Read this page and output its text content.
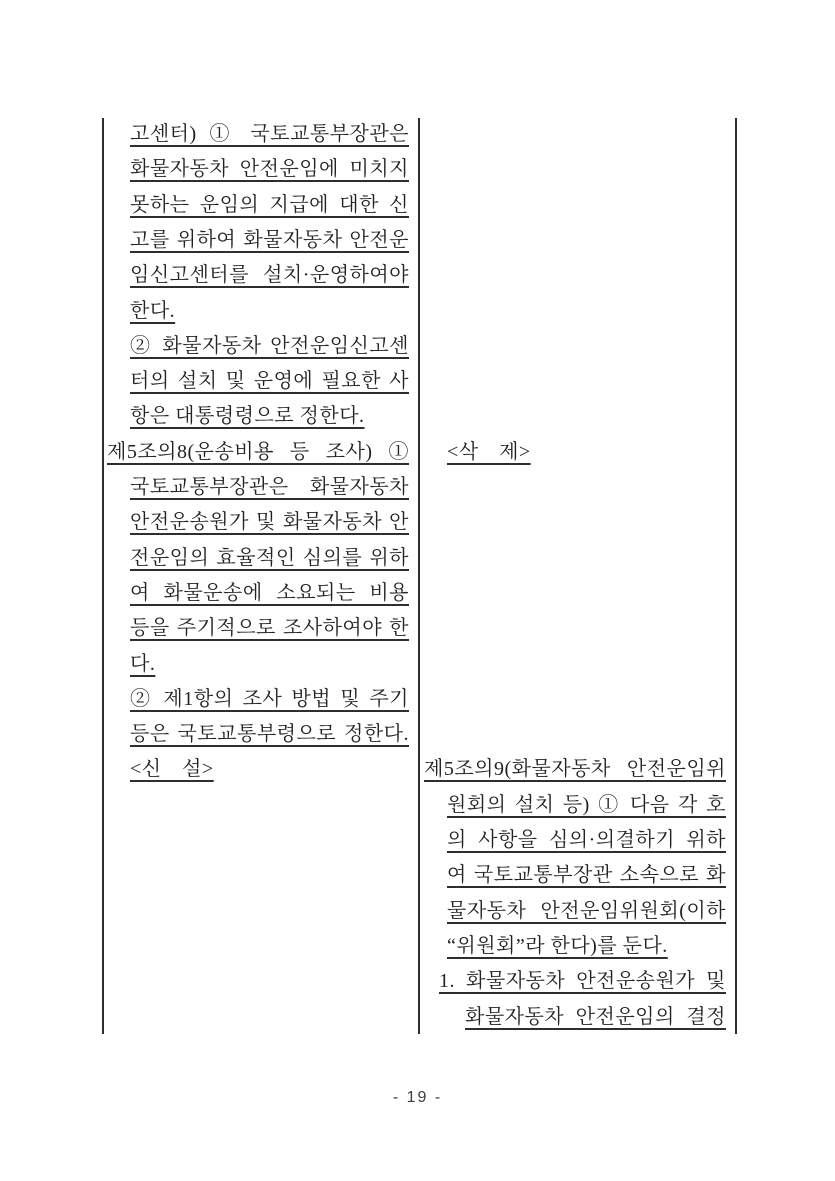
고센터) ① 국토교통부장관은
화물자동차 안전운임에 미치지
못하는 운임의 지급에 대한 신
고를 위하여 화물자동차 안전운
임신고센터를 설치·운영하여야
한다.
② 화물자동차 안전운임신고센
터의 설치 및 운영에 필요한 사
항은 대통령령으로 정한다.
제5조의8(운송비용 등 조사) ①
국토교통부장관은 화물자동차
안전운송원가 및 화물자동차 안
전운임의 효율적인 심의를 위하
여 화물운송에 소요되는 비용
등을 주기적으로 조사하여야 한
다.
② 제1항의 조사 방법 및 주기
등은 국토교통부령으로 정한다.
<신　설>
<삭　제>
제5조의9(화물자동차 안전운임위
원회의 설치 등) ① 다음 각 호
의 사항을 심의·의결하기 위하
여 국토교통부장관 소속으로 화
물자동차 안전운임위원회(이하
“위원회”라 한다)를 둔다.
1. 화물자동차 안전운송원가 및
화물자동차 안전운임의 결정
- 19 -
